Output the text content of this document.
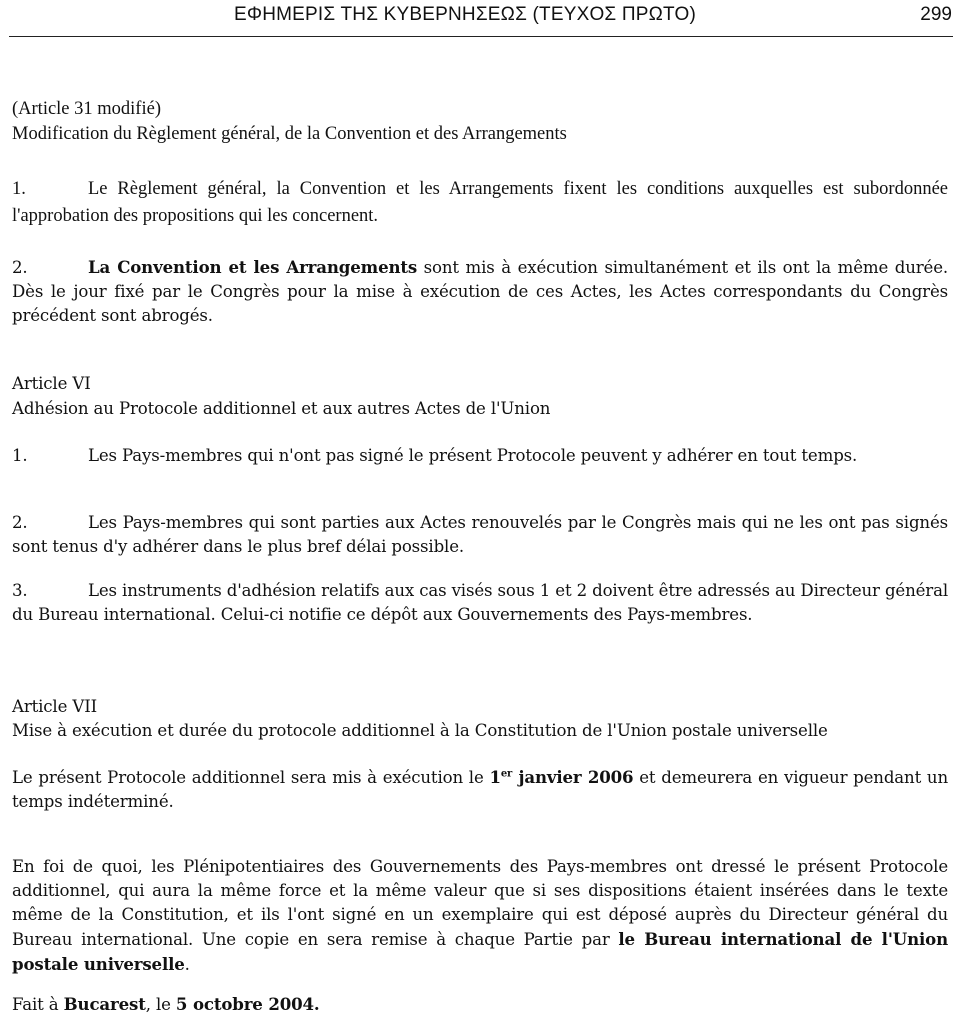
ΕΦΗΜΕΡΙΣ ΤΗΣ ΚΥΒΕΡΝΗΣΕΩΣ (ΤΕΥΧΟΣ ΠΡΩΤΟ)	299

(Article 31 modifié)

Modification du Règlement général, de la Convention et des Arrangements

1.	Le Règlement général, la Convention et les Arrangements fixent les conditions auxquelles est subordonnée l'approbation des propositions qui les concernent.

2.	La Convention et les Arrangements sont mis à exécution simultanément et ils ont la même durée. Dès le jour fixé par le Congrès pour la mise à exécution de ces Actes, les Actes correspondants du Congrès précédent sont abrogés.

Article VI

Adhésion au Protocole additionnel et aux autres Actes de l'Union

1.	Les Pays-membres qui n'ont pas signé le présent Protocole peuvent y adhérer en tout temps.

2.	Les Pays-membres qui sont parties aux Actes renouvelés par le Congrès mais qui ne les ont pas signés sont tenus d'y adhérer dans le plus bref délai possible.

3.	Les instruments d'adhésion relatifs aux cas visés sous 1 et 2 doivent être adressés au Directeur général du Bureau international. Celui-ci notifie ce dépôt aux Gouvernements des Pays-membres.

Article VII

Mise à exécution et durée du protocole additionnel à la Constitution de l'Union postale universelle

Le présent Protocole additionnel sera mis à exécution le 1er janvier 2006 et demeurera en vigueur pendant un temps indéterminé.

En foi de quoi, les Plénipotentiaires des Gouvernements des Pays-membres ont dressé le présent Protocole additionnel, qui aura la même force et la même valeur que si ses dispositions étaient insérées dans le texte même de la Constitution, et ils l'ont signé en un exemplaire qui est déposé auprès du Directeur général du Bureau international. Une copie en sera remise à chaque Partie par le Bureau international de l'Union postale universelle.

Fait à Bucarest, le 5 octobre 2004.
